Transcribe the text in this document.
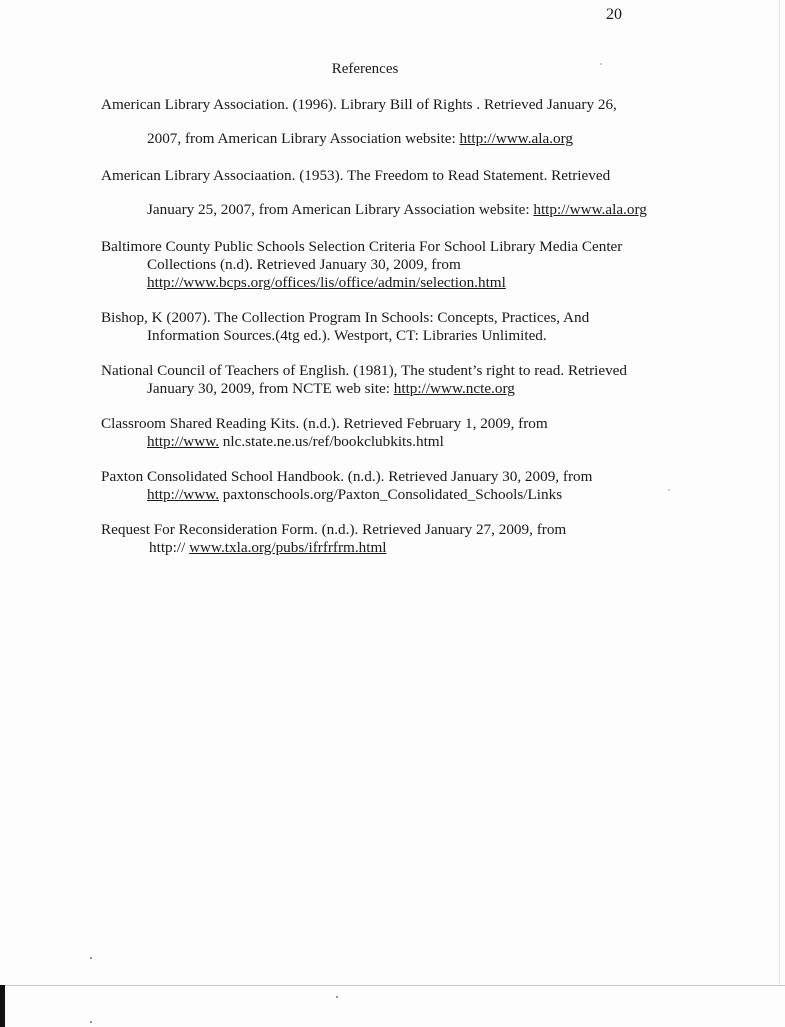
20
References
American Library Association. (1996). Library Bill of Rights . Retrieved January 26,
2007, from American Library Association website: http://www.ala.org
American Library Associaation. (1953). The Freedom to Read Statement. Retrieved
January 25, 2007, from American Library Association website: http://www.ala.org
Baltimore County Public Schools Selection Criteria For School Library Media Center
Collections (n.d). Retrieved January 30, 2009, from
http://www.bcps.org/offices/lis/office/admin/selection.html
Bishop, K (2007). The Collection Program In Schools: Concepts, Practices, And
Information Sources.(4tg ed.). Westport, CT: Libraries Unlimited.
National Council of Teachers of English. (1981), The student’s right to read. Retrieved
January 30, 2009, from NCTE web site: http://www.ncte.org
Classroom Shared Reading Kits. (n.d.). Retrieved February 1, 2009, from
http://www. nlc.state.ne.us/ref/bookclubkits.html
Paxton Consolidated School Handbook. (n.d.). Retrieved January 30, 2009, from
http://www. paxtonschools.org/Paxton_Consolidated_Schools/Links
Request For Reconsideration Form. (n.d.). Retrieved January 27, 2009, from
http:// www.txla.org/pubs/ifrfrfrm.html
